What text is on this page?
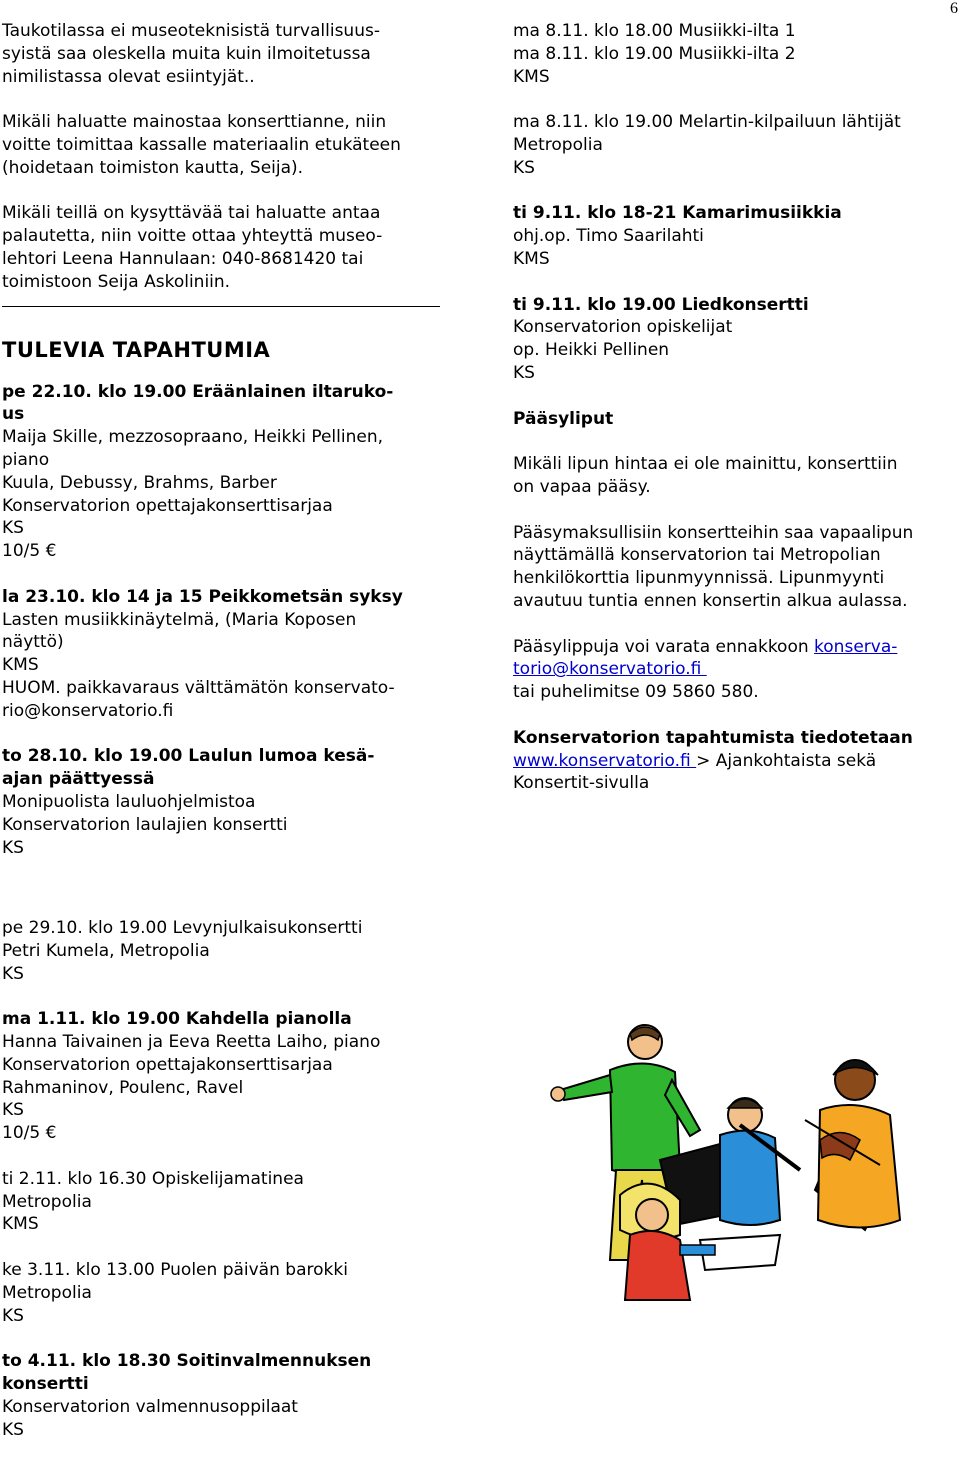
6
Taukotilassa ei museoteknisistä turvallisuus-
syistä saa oleskella muita kuin ilmoitetussa
nimilistassa olevat esiintyjät..
Mikäli haluatte mainostaa konserttianne, niin
voitte toimittaa kassalle materiaalin etukäteen
(hoidetaan toimiston kautta, Seija).
Mikäli teillä on kysyttävää tai haluatte antaa
palautetta, niin voitte ottaa yhteyttä museo-
lehtori Leena Hannulaan: 040-8681420 tai
toimistoon Seija Askoliniin.
TULEVIA TAPAHTUMIA
pe 22.10. klo 19.00 Eräänlainen iltaruko-
us
Maija Skille, mezzosopraano, Heikki Pellinen,
piano
Kuula, Debussy, Brahms, Barber
Konservatorion opettajakonserttisarjaa
KS
10/5 €
la 23.10. klo 14 ja 15 Peikkometsän syksy
Lasten musiikkinäytelmä, (Maria Koposen
näyttö)
KMS
HUOM. paikkavaraus välttämätön konservato-
rio@konservatorio.fi
to 28.10. klo 19.00 Laulun lumoa kesä-
ajan päättyessä
Monipuolista lauluohjelmistoa
Konservatorion laulajien konsertti
KS
pe 29.10. klo 19.00 Levynjulkaisukonsertti
Petri Kumela, Metropolia
KS
ma 1.11. klo 19.00 Kahdella pianolla
Hanna Taivainen ja Eeva Reetta Laiho, piano
Konservatorion opettajakonserttisarjaa
Rahmaninov, Poulenc, Ravel
KS
10/5 €
ti 2.11. klo 16.30 Opiskelijamatinea
Metropolia
KMS
ke 3.11. klo 13.00 Puolen päivän barokki
Metropolia
KS
to 4.11. klo 18.30 Soitinvalmennuksen
konsertti
Konservatorion valmennusoppilaat
KS
ma 8.11. klo 18.00 Musiikki-ilta 1
ma 8.11. klo 19.00 Musiikki-ilta 2
KMS
ma 8.11. klo 19.00 Melartin-kilpailuun lähtijät
Metropolia
KS
ti 9.11. klo 18-21 Kamarimusiikkia
ohj.op. Timo Saarilahti
KMS
ti 9.11. klo 19.00 Liedkonsertti
Konservatorion opiskelijat
op. Heikki Pellinen
KS
Pääsyliput
Mikäli lipun hintaa ei ole mainittu, konserttiin
on vapaa pääsy.
Pääsymaksullisiin konsertteihin saa vapaalipun
näyttämällä konservatorion tai Metropolian
henkilökorttia lipunmyynnissä. Lipunmyynti
avautuu tuntia ennen konsertin alkua aulassa.
Pääsylippuja voi varata ennakkoon konserva-
torio@konservatorio.fi
tai puhelimitse 09 5860 580.
Konservatorion tapahtumista tiedotetaan
www.konservatorio.fi > Ajankohtaista sekä
Konsertit-sivulla
